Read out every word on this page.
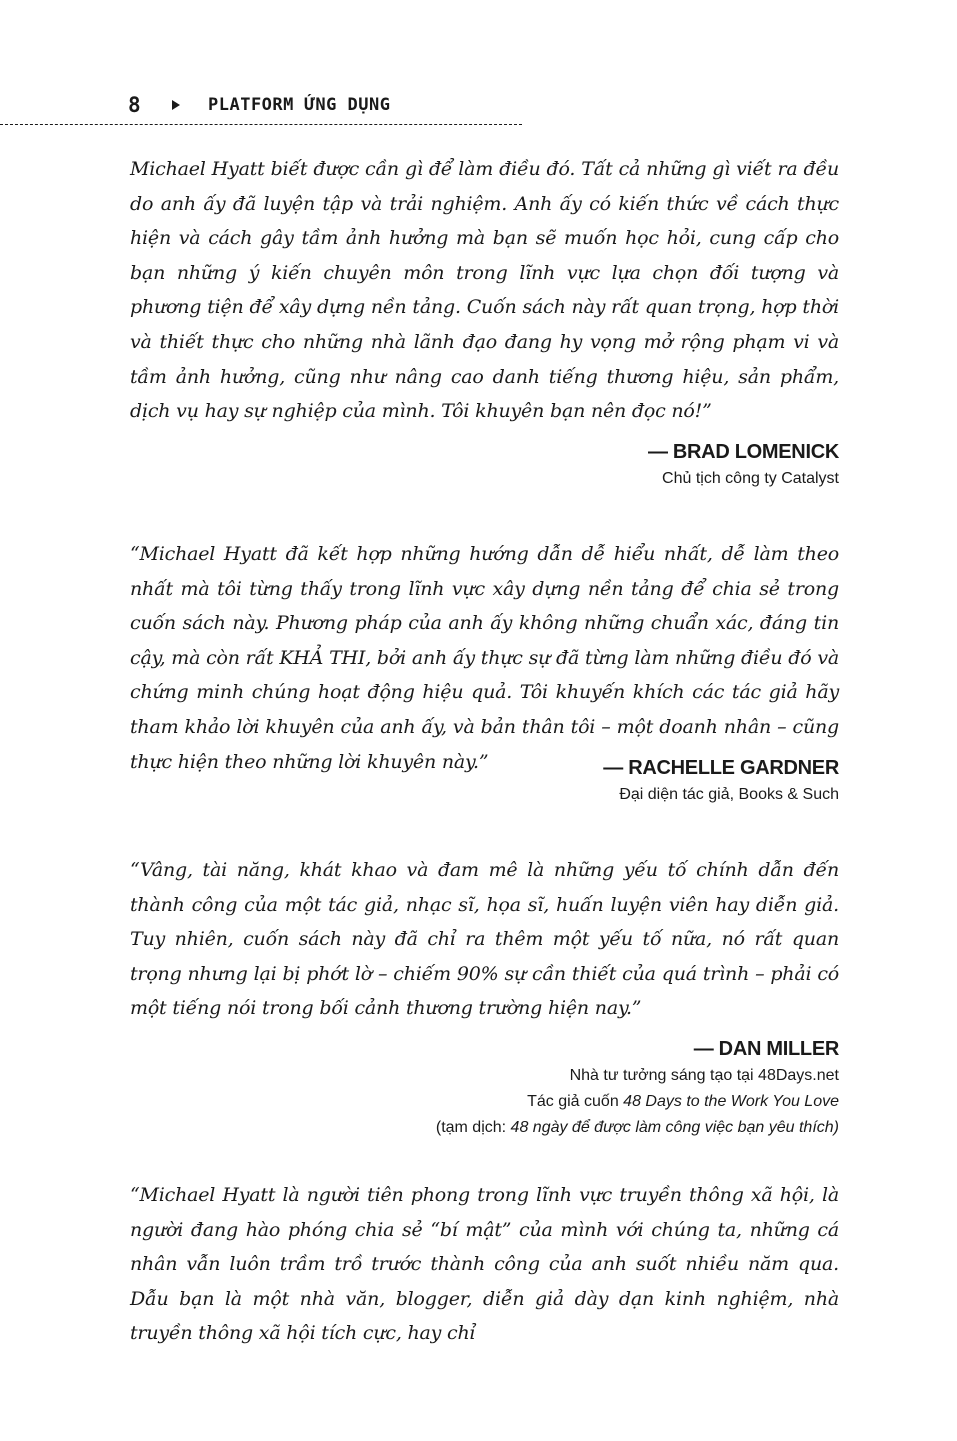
8	PLATFORM ỨNG DỤNG

Michael Hyatt biết được cần gì để làm điều đó. Tất cả những gì viết ra đều do anh ấy đã luyện tập và trải nghiệm. Anh ấy có kiến thức về cách thực hiện và cách gây tầm ảnh hưởng mà bạn sẽ muốn học hỏi, cung cấp cho bạn những ý kiến chuyên môn trong lĩnh vực lựa chọn đối tượng và phương tiện để xây dựng nền tảng. Cuốn sách này rất quan trọng, hợp thời và thiết thực cho những nhà lãnh đạo đang hy vọng mở rộng phạm vi và tầm ảnh hưởng, cũng như nâng cao danh tiếng thương hiệu, sản phẩm, dịch vụ hay sự nghiệp của mình. Tôi khuyên bạn nên đọc nó!”

— BRAD LOMENICK
Chủ tịch công ty Catalyst

“Michael Hyatt đã kết hợp những hướng dẫn dễ hiểu nhất, dễ làm theo nhất mà tôi từng thấy trong lĩnh vực xây dựng nền tảng để chia sẻ trong cuốn sách này. Phương pháp của anh ấy không những chuẩn xác, đáng tin cậy, mà còn rất KHẢ THI, bởi anh ấy thực sự đã từng làm những điều đó và chứng minh chúng hoạt động hiệu quả. Tôi khuyến khích các tác giả hãy tham khảo lời khuyên của anh ấy, và bản thân tôi – một doanh nhân – cũng thực hiện theo những lời khuyên này.”	— RACHELLE GARDNER
Đại diện tác giả, Books & Such

“Vâng, tài năng, khát khao và đam mê là những yếu tố chính dẫn đến thành công của một tác giả, nhạc sĩ, họa sĩ, huấn luyện viên hay diễn giả. Tuy nhiên, cuốn sách này đã chỉ ra thêm một yếu tố nữa, nó rất quan trọng nhưng lại bị phớt lờ – chiếm 90% sự cần thiết của quá trình – phải có một tiếng nói trong bối cảnh thương trường hiện nay.”

— DAN MILLER
Nhà tư tưởng sáng tạo tại 48Days.net
Tác giả cuốn 48 Days to the Work You Love
(tạm dịch: 48 ngày để được làm công việc bạn yêu thích)

“Michael Hyatt là người tiên phong trong lĩnh vực truyền thông xã hội, là người đang hào phóng chia sẻ “bí mật” của mình với chúng ta, những cá nhân vẫn luôn trầm trồ trước thành công của anh suốt nhiều năm qua. Dẫu bạn là một nhà văn, blogger, diễn giả dày dạn kinh nghiệm, nhà truyền thông xã hội tích cực, hay chỉ
